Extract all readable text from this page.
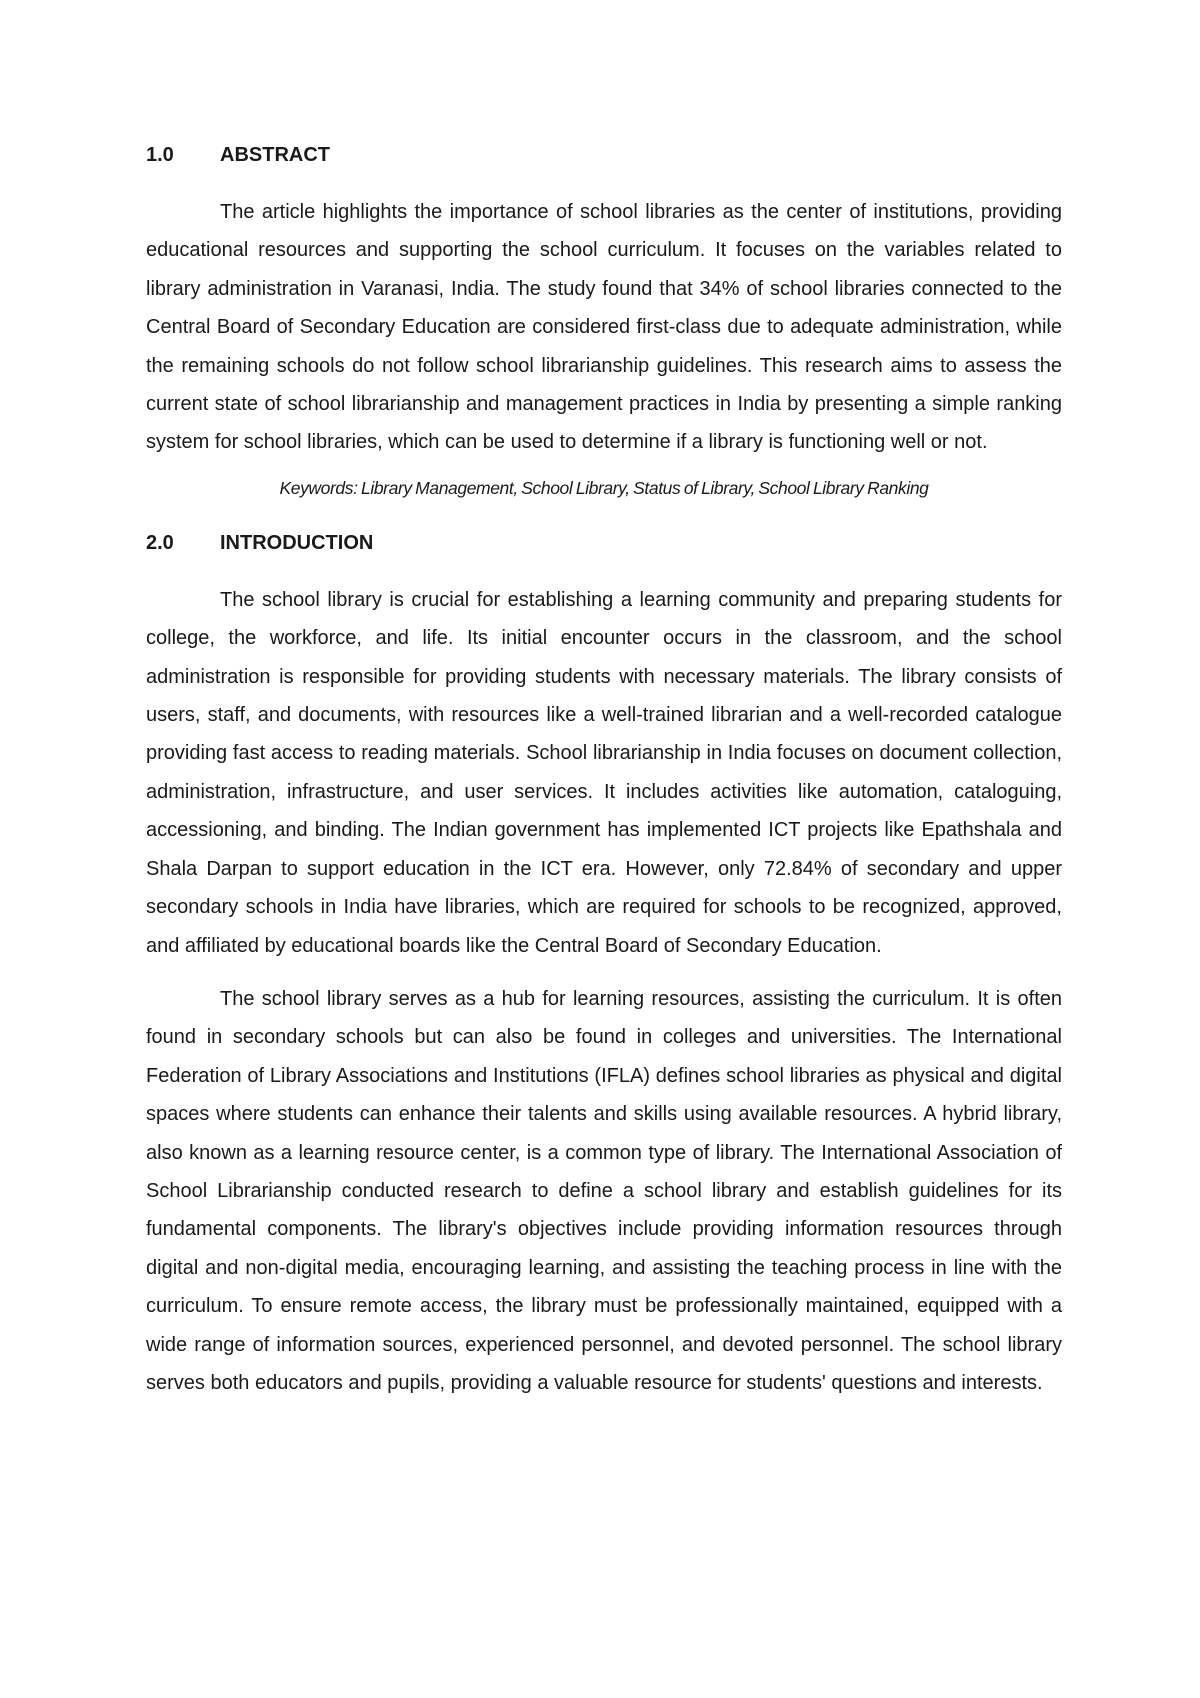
1.0	ABSTRACT

The article highlights the importance of school libraries as the center of institutions, providing educational resources and supporting the school curriculum. It focuses on the variables related to library administration in Varanasi, India. The study found that 34% of school libraries connected to the Central Board of Secondary Education are considered first-class due to adequate administration, while the remaining schools do not follow school librarianship guidelines. This research aims to assess the current state of school librarianship and management practices in India by presenting a simple ranking system for school libraries, which can be used to determine if a library is functioning well or not.

Keywords: Library Management, School Library, Status of Library, School Library Ranking

2.0	INTRODUCTION

The school library is crucial for establishing a learning community and preparing students for college, the workforce, and life. Its initial encounter occurs in the classroom, and the school administration is responsible for providing students with necessary materials. The library consists of users, staff, and documents, with resources like a well-trained librarian and a well-recorded catalogue providing fast access to reading materials. School librarianship in India focuses on document collection, administration, infrastructure, and user services. It includes activities like automation, cataloguing, accessioning, and binding. The Indian government has implemented ICT projects like Epathshala and Shala Darpan to support education in the ICT era. However, only 72.84% of secondary and upper secondary schools in India have libraries, which are required for schools to be recognized, approved, and affiliated by educational boards like the Central Board of Secondary Education.

The school library serves as a hub for learning resources, assisting the curriculum. It is often found in secondary schools but can also be found in colleges and universities. The International Federation of Library Associations and Institutions (IFLA) defines school libraries as physical and digital spaces where students can enhance their talents and skills using available resources. A hybrid library, also known as a learning resource center, is a common type of library. The International Association of School Librarianship conducted research to define a school library and establish guidelines for its fundamental components. The library's objectives include providing information resources through digital and non-digital media, encouraging learning, and assisting the teaching process in line with the curriculum. To ensure remote access, the library must be professionally maintained, equipped with a wide range of information sources, experienced personnel, and devoted personnel. The school library serves both educators and pupils, providing a valuable resource for students' questions and interests.
